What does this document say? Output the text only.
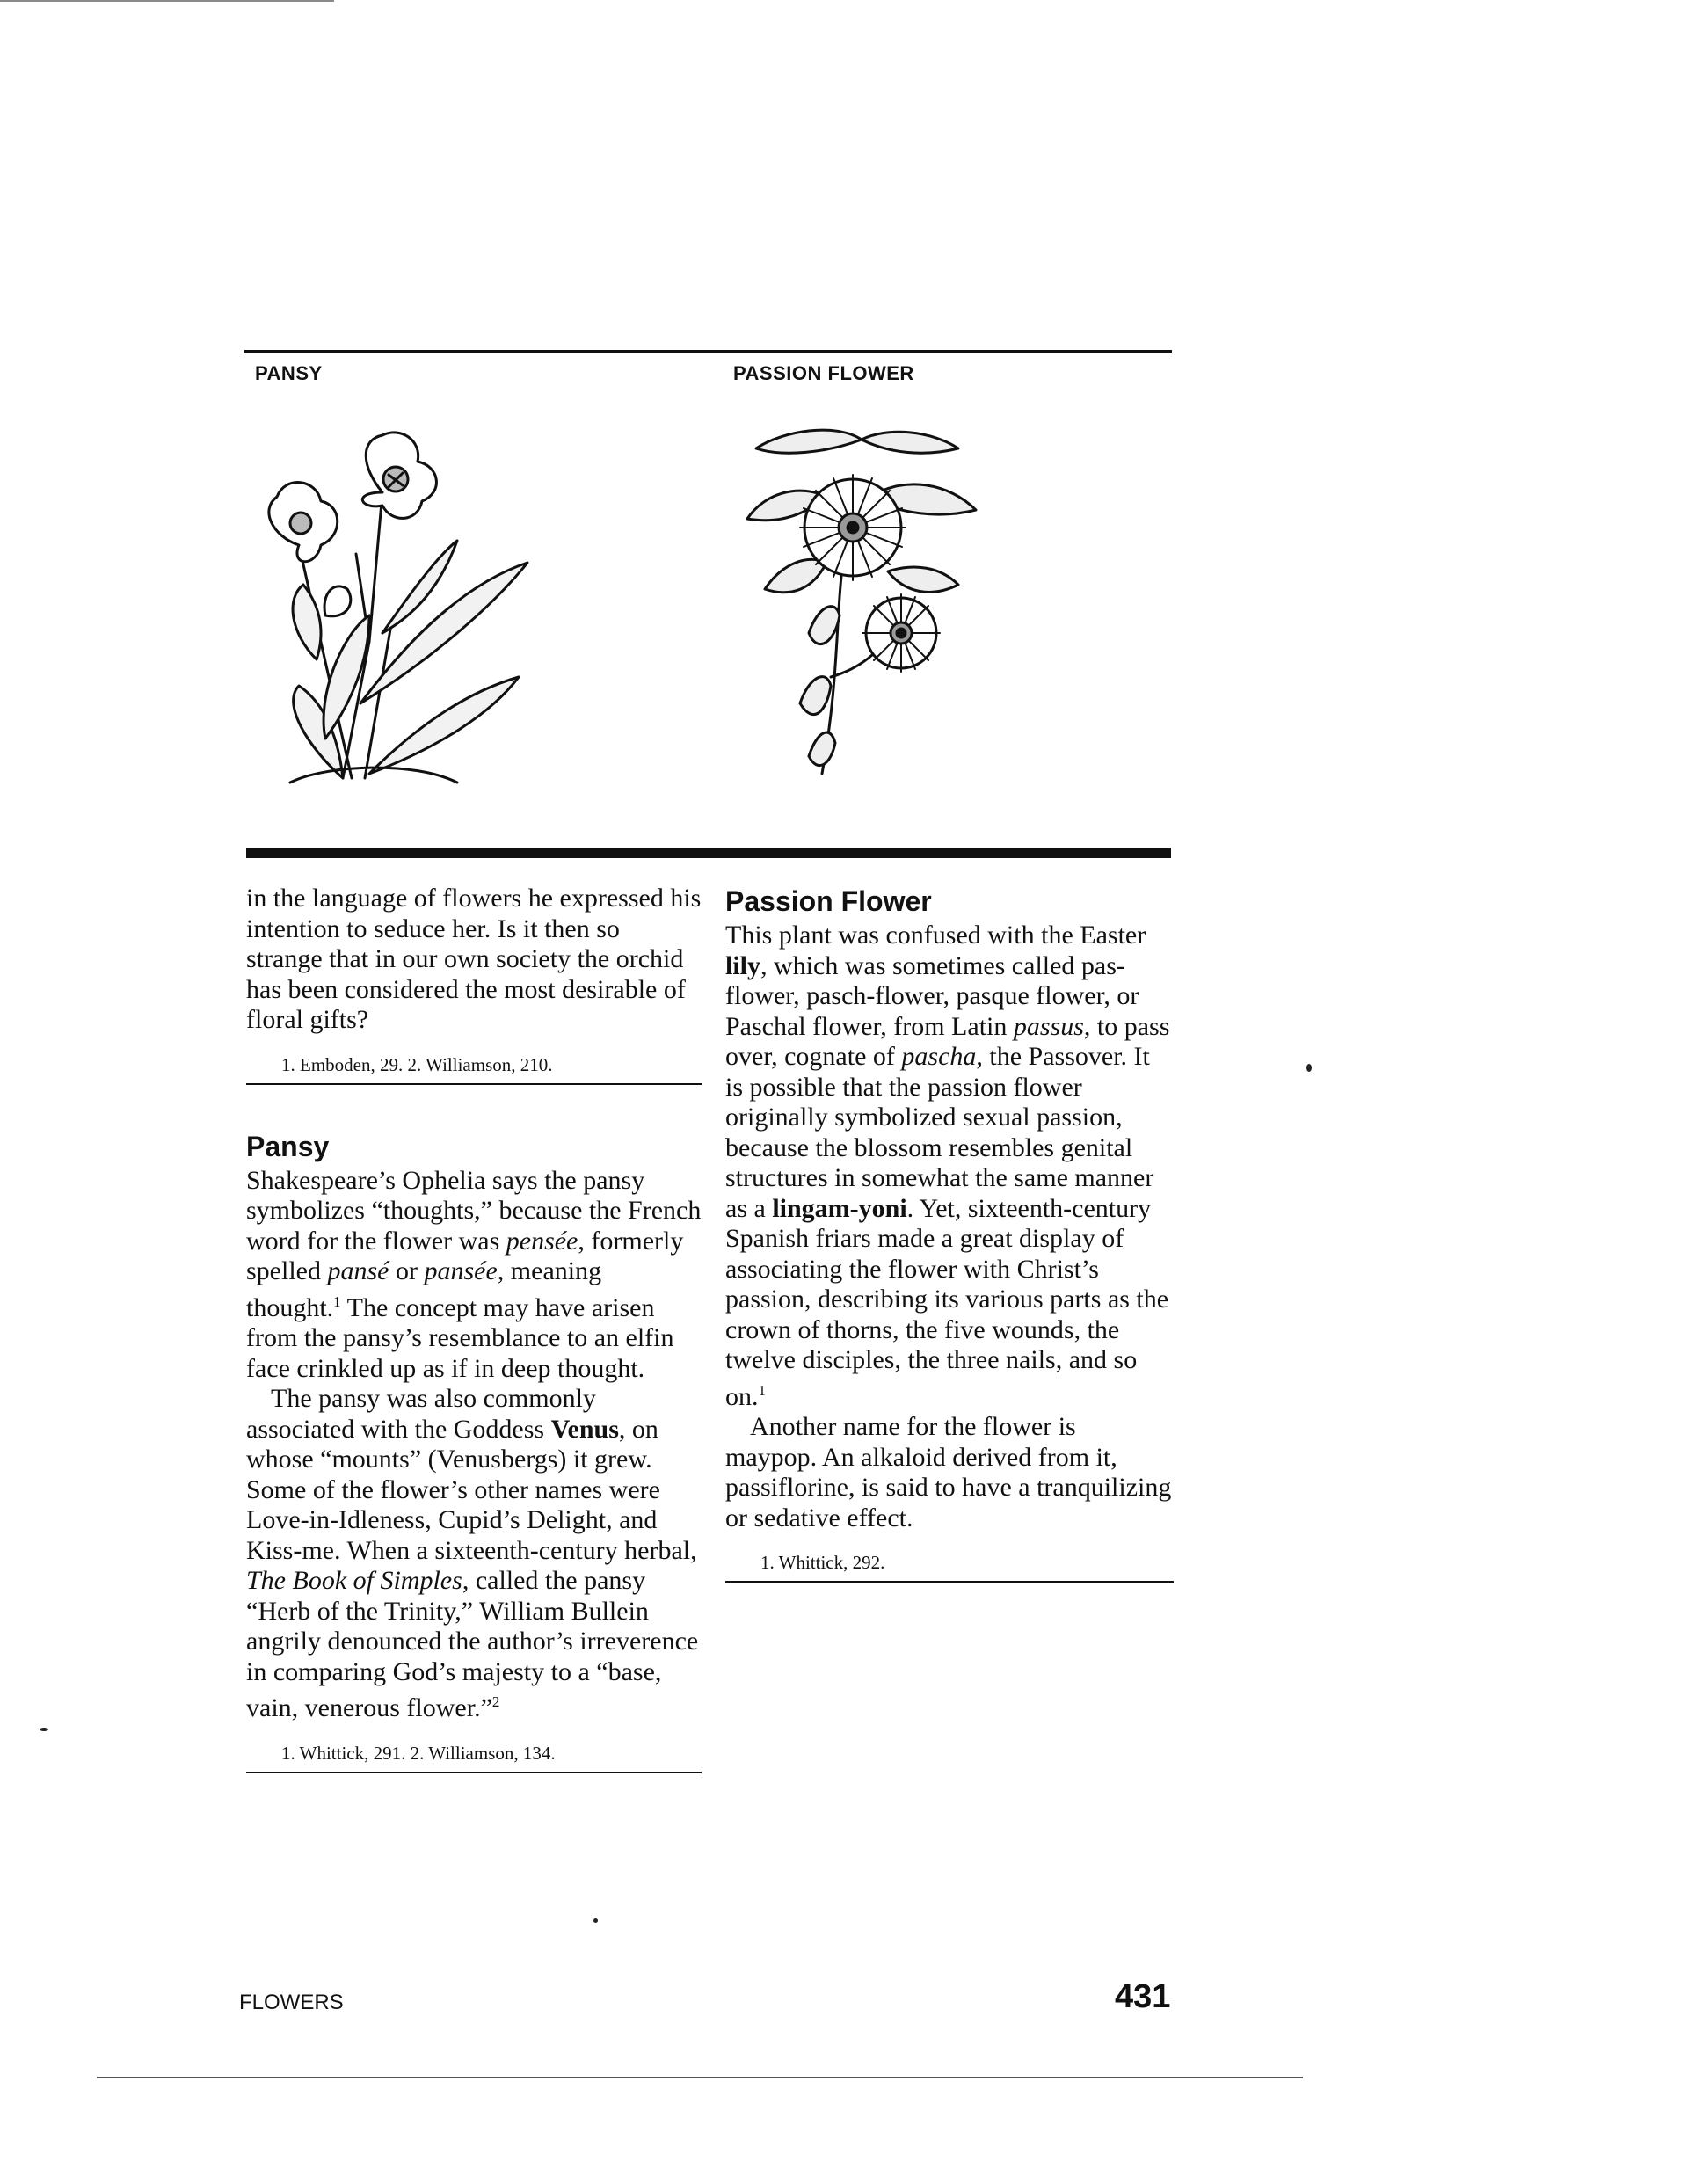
PANSY	PASSION FLOWER

in the language of flowers he expressed his intention to seduce her. Is it then so strange that in our own society the orchid has been considered the most desirable of floral gifts?

1. Emboden, 29. 2. Williamson, 210.
Pansy

Shakespeare’s Ophelia says the pansy symbolizes “thoughts,” because the French word for the flower was pensée, formerly spelled pansé or pansée, meaning thought.$^1$ The concept may have arisen from the pansy’s resemblance to an elfin face crinkled up as if in deep thought.

The pansy was also commonly associated with the Goddess Venus, on whose “mounts” (Venusbergs) it grew. Some of the flower’s other names were Love-in-Idleness, Cupid’s Delight, and Kiss-me. When a sixteenth-century herbal, The Book of Simples, called the pansy “Herb of the Trinity,” William Bullein angrily denounced the author’s irreverence in comparing God’s majesty to a “base, vain, venerous flower.”$^2$

1. Whittick, 291. 2. Williamson, 134.
Passion Flower

This plant was confused with the Easter lily, which was sometimes called pas-flower, pasch-flower, pasque flower, or Paschal flower, from Latin passus, to pass over, cognate of pascha, the Passover. It is possible that the passion flower originally symbolized sexual passion, because the blossom resembles genital structures in somewhat the same manner as a lingam-yoni. Yet, sixteenth-century Spanish friars made a great display of associating the flower with Christ’s passion, describing its various parts as the crown of thorns, the five wounds, the twelve disciples, the three nails, and so on.$^1$

Another name for the flower is maypop. An alkaloid derived from it, passiflorine, is said to have a tranquilizing or sedative effect.

1. Whittick, 292.
FLOWERS	431
